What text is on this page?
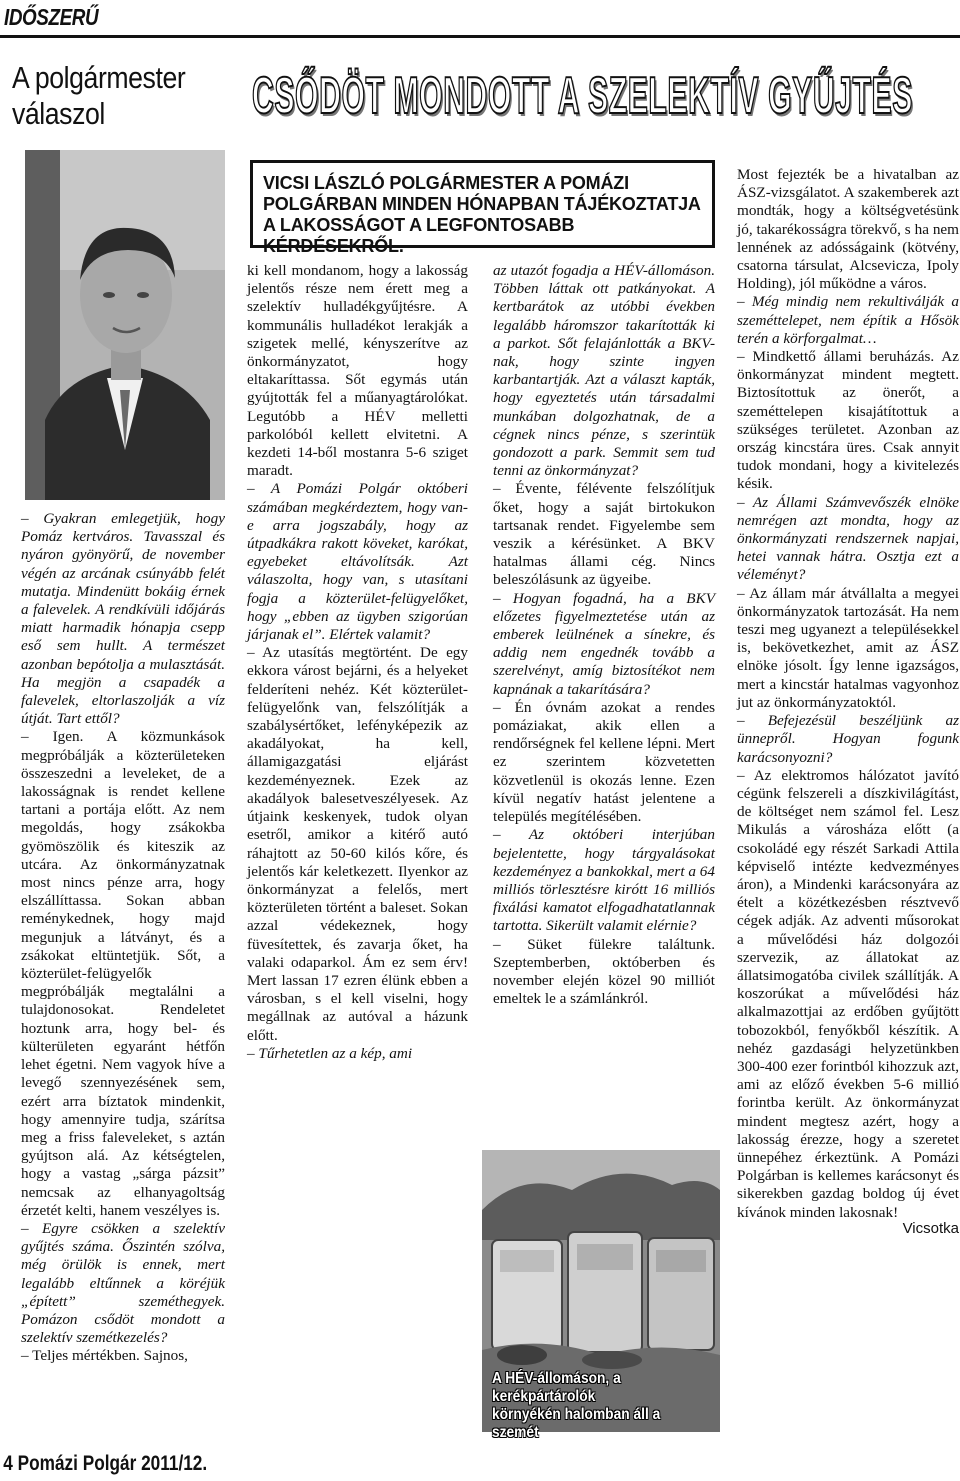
IDŐSZERŰ
A polgármester
válaszol	CSŐDÖT MONDOTT A SZELEKTÍV GYŰJTÉS
VICSI LÁSZLÓ POLGÁRMESTER A POMÁZI POLGÁRBAN MINDEN HÓNAPBAN TÁJÉKOZTATJA A LAKOSSÁGOT A LEGFONTOSABB KÉRDÉSEKRŐL.

– Gyakran emlegetjük, hogy Pomáz kertváros. Tavasszal és nyáron gyönyörű, de november végén az arcának csúnyább felét mutatja. Mindenütt bokáig érnek a falevelek. A rendkívüli időjárás miatt harmadik hónapja csepp eső sem hullt. A természet azonban bepótolja a mulasztását. Ha megjön a csapadék a falevelek, eltorlaszolják a víz útját. Tart ettől?

– Igen. A közmunkások megpróbálják a közterületeken összeszedni a leveleket, de a lakosságnak is rendet kellene tartani a portája előtt. Az nem megoldás, hogy zsákokba gyömöszölik és kiteszik az utcára. Az önkormányzatnak most nincs pénze arra, hogy elszállíttassa. Sokan abban reménykednek, hogy majd megunjuk a látványt, és a zsákokat eltüntetjük. Sőt, a közterület-felügyelők megpróbálják megtalálni a tulajdonosokat. Rendeletet hoztunk arra, hogy bel- és külterületen egyaránt hétfőn lehet égetni. Nem vagyok híve a levegő szennyezésének sem, ezért arra bíztatok mindenkit, hogy amennyire tudja, szárítsa meg a friss faleveleket, s aztán gyújtson alá. Az kétségtelen, hogy a vastag „sárga pázsit” nemcsak az elhanyagoltság érzetét kelti, hanem veszélyes is.

– Egyre csökken a szelektív gyűjtés száma. Őszintén szólva, még örülök is ennek, mert legalább eltűnnek a köréjük „épített” szeméthegyek. Pomázon csődöt mondott a szelektív szemétkezelés?

– Teljes mértékben. Sajnos,

ki kell mondanom, hogy a lakosság jelentős része nem érett meg a szelektív hulladékgyűjtésre. A kommunális hulladékot lerakják a szigetek mellé, kényszerítve az önkormányzatot, hogy eltakaríttassa. Sőt egymás után gyújtották fel a műanyagtárolókat. Legutóbb a HÉV melletti parkolóból kellett elvitetni. A kezdeti 14-ből mostanra 5-6 sziget maradt.

– A Pomázi Polgár októberi számában megkérdeztem, hogy van-e arra jogszabály, hogy az útpadkákra rakott köveket, karókat, egyebeket eltávolítsák. Azt válaszolta, hogy van, s utasítani fogja a közterület-felügyelőket, hogy „ebben az ügyben szigorúan járjanak el”. Elértek valamit?

– Az utasítás megtörtént. De egy ekkora várost bejárni, és a helyeket felderíteni nehéz. Két közterület-felügyelőnk van, felszólítják a szabálysértőket, lefényképezik az akadályokat, ha kell, államigazgatási eljárást kezdeményeznek. Ezek az akadályok balesetveszélyesek. Az útjaink keskenyek, tudok olyan esetről, amikor a kitérő autó ráhajtott az 50-60 kilós kőre, és jelentős kár keletkezett. Ilyenkor az önkormányzat a felelős, mert közterületen történt a baleset. Sokan azzal védekeznek, hogy füvesítettek, és zavarja őket, ha valaki odaparkol. Ám ez sem érv! Mert lassan 17 ezren élünk ebben a városban, s el kell viselni, hogy megállnak az autóval a házunk előtt.

– Tűrhetetlen az a kép, ami

az utazót fogadja a HÉV-állomáson. Többen láttak ott patkányokat. A kertbarátok az utóbbi években legalább háromszor takarították ki a parkot. Sőt felajánlották a BKV-nak, hogy szinte ingyen karbantartják. Azt a választ kapták, hogy egyeztetés után társadalmi munkában dolgozhatnak, de a cégnek nincs pénze, s szerintük gondozott a park. Semmit sem tud tenni az önkormányzat?

– Évente, félévente felszólítjuk őket, hogy a saját birtokukon tartsanak rendet. Figyelembe sem veszik a kérésünket. A BKV hatalmas állami cég. Nincs beleszólásunk az ügyeibe.

– Hogyan fogadná, ha a BKV előzetes figyelmeztetése után az emberek leülnének a sínekre, és addig nem engednék tovább a szerelvényt, amíg biztosítékot nem kapnának a takarítására?

– Én óvnám azokat a rendes pomáziakat, akik ellen a rendőrségnek fel kellene lépni. Mert ez szerintem közvetetten közvetlenül is okozás lenne. Ezen kívül negatív hatást jelentene a település megítélésében.

– Az októberi interjúban bejelentette, hogy tárgyalásokat kezdeményez a bankokkal, mert a 64 milliós törlesztésre kirótt 16 milliós fixálási kamatot elfogadhatatlannak tartotta. Sikerült valamit elérnie?

– Süket fülekre találtunk. Szeptemberben, októberben és november elején közel 90 milliót emeltek le a számlánkról.

Most fejezték be a hivatalban az ÁSZ-vizsgálatot. A szakemberek azt mondták, hogy a költségvetésünk jó, takarékosságra törekvő, s ha nem lennének az adósságaink (kötvény, csatorna társulat, Alcsevicza, Ipoly Holding), jól működne a város.

– Még mindig nem rekultiválják a szeméttelepet, nem építik a Hősök terén a körforgalmat…

– Mindkettő állami beruházás. Az önkormányzat mindent megtett. Biztosítottuk az önerőt, a szeméttelepen kisajátítottuk a szükséges területet. Azonban az ország kincstára üres. Csak annyit tudok mondani, hogy a kivitelezés késik.

– Az Állami Számvevőszék elnöke nemrégen azt mondta, hogy az önkormányzati rendszernek napjai, hetei vannak hátra. Osztja ezt a véleményt?

– Az állam már átvállalta a megyei önkormányzatok tartozását. Ha nem teszi meg ugyanezt a településekkel is, bekövetkezhet, amit az ÁSZ elnöke jósolt. Így lenne igazságos, mert a kincstár hatalmas vagyonhoz jut az önkormányzatoktól.

– Befejezésül beszéljünk az ünnepről. Hogyan fogunk karácsonyozni?

– Az elektromos hálózatot javító cégünk felszereli a díszkivilágítást, de költséget nem számol fel. Lesz Mikulás a városháza előtt (a csokoládé egy részét Sarkadi Attila képviselő intézte kedvezményes áron), a Mindenki karácsonyára az ételt a közétkezésben résztvevő cégek adják. Az adventi műsorokat a művelődési ház dolgozói szervezik, az állatokat az állatsimogatóba civilek szállítják. A koszorúkat a művelődési ház alkalmazottjai az erdőben gyűjtött tobozokból, fenyőkből készítik. A nehéz gazdasági helyzetünkben 300-400 ezer forintból kihozzuk azt, ami az előző években 5-6 millió forintba került. Az önkormányzat mindent megtesz azért, hogy a lakosság érezze, hogy a szeretet ünnepéhez érkeztünk. A Pomázi Polgárban is kellemes karácsonyt és sikerekben gazdag boldog új évet kívánok minden lakosnak!

Vicsotka
A HÉV-állomáson, a kerékpártárolók környékén halomban áll a szemét
4 Pomázi Polgár 2011/12.
